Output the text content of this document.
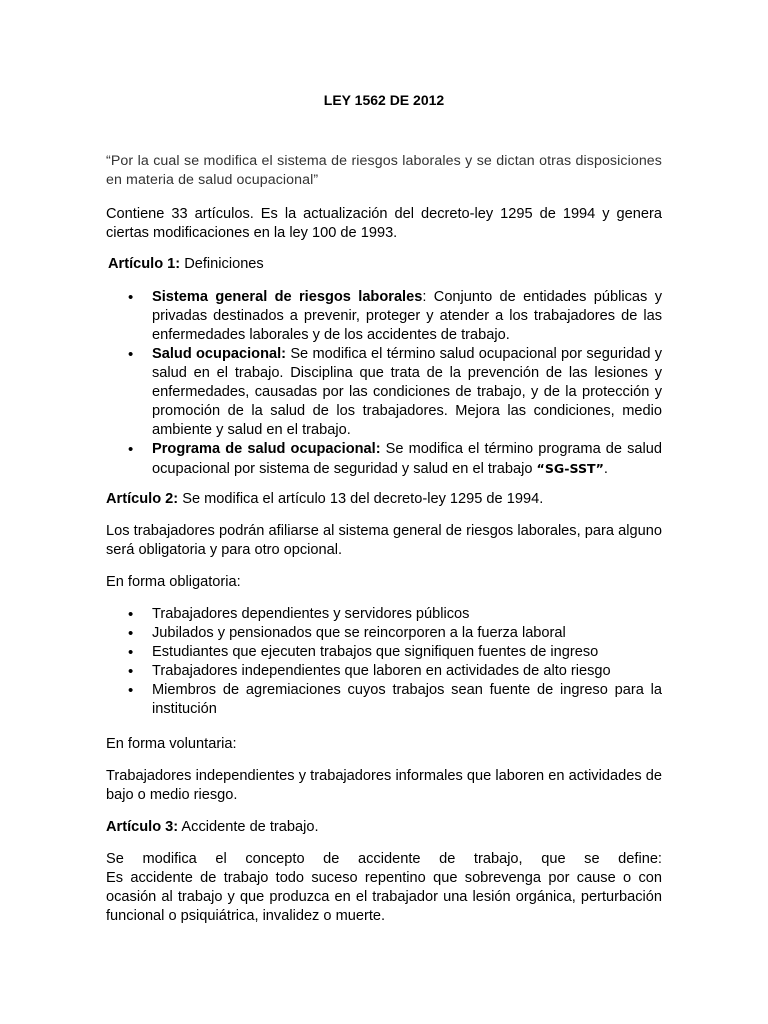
LEY 1562 DE 2012

“Por la cual se modifica el sistema de riesgos laborales y se dictan otras disposiciones en materia de salud ocupacional”

Contiene 33 artículos. Es la actualización del decreto-ley 1295 de 1994 y genera ciertas modificaciones en la ley 100 de 1993.

Artículo 1: Definiciones

• Sistema general de riesgos laborales: Conjunto de entidades públicas y privadas destinados a prevenir, proteger y atender a los trabajadores de las enfermedades laborales y de los accidentes de trabajo.
• Salud ocupacional: Se modifica el término salud ocupacional por seguridad y salud en el trabajo. Disciplina que trata de la prevención de las lesiones y enfermedades, causadas por las condiciones de trabajo, y de la protección y promoción de la salud de los trabajadores. Mejora las condiciones, medio ambiente y salud en el trabajo.
• Programa de salud ocupacional: Se modifica el término programa de salud ocupacional por sistema de seguridad y salud en el trabajo “SG-SST”.

Artículo 2: Se modifica el artículo 13 del decreto-ley 1295 de 1994.

Los trabajadores podrán afiliarse al sistema general de riesgos laborales, para alguno será obligatoria y para otro opcional.

En forma obligatoria:

• Trabajadores dependientes y servidores públicos
• Jubilados y pensionados que se reincorporen a la fuerza laboral
• Estudiantes que ejecuten trabajos que signifiquen fuentes de ingreso
• Trabajadores independientes que laboren en actividades de alto riesgo
• Miembros de agremiaciones cuyos trabajos sean fuente de ingreso para la institución

En forma voluntaria:

Trabajadores independientes y trabajadores informales que laboren en actividades de bajo o medio riesgo.

Artículo 3: Accidente de trabajo.

Se modifica el concepto de accidente de trabajo, que se define:

Es accidente de trabajo todo suceso repentino que sobrevenga por cause o con ocasión al trabajo y que produzca en el trabajador una lesión orgánica, perturbación funcional o psiquiátrica, invalidez o muerte.
